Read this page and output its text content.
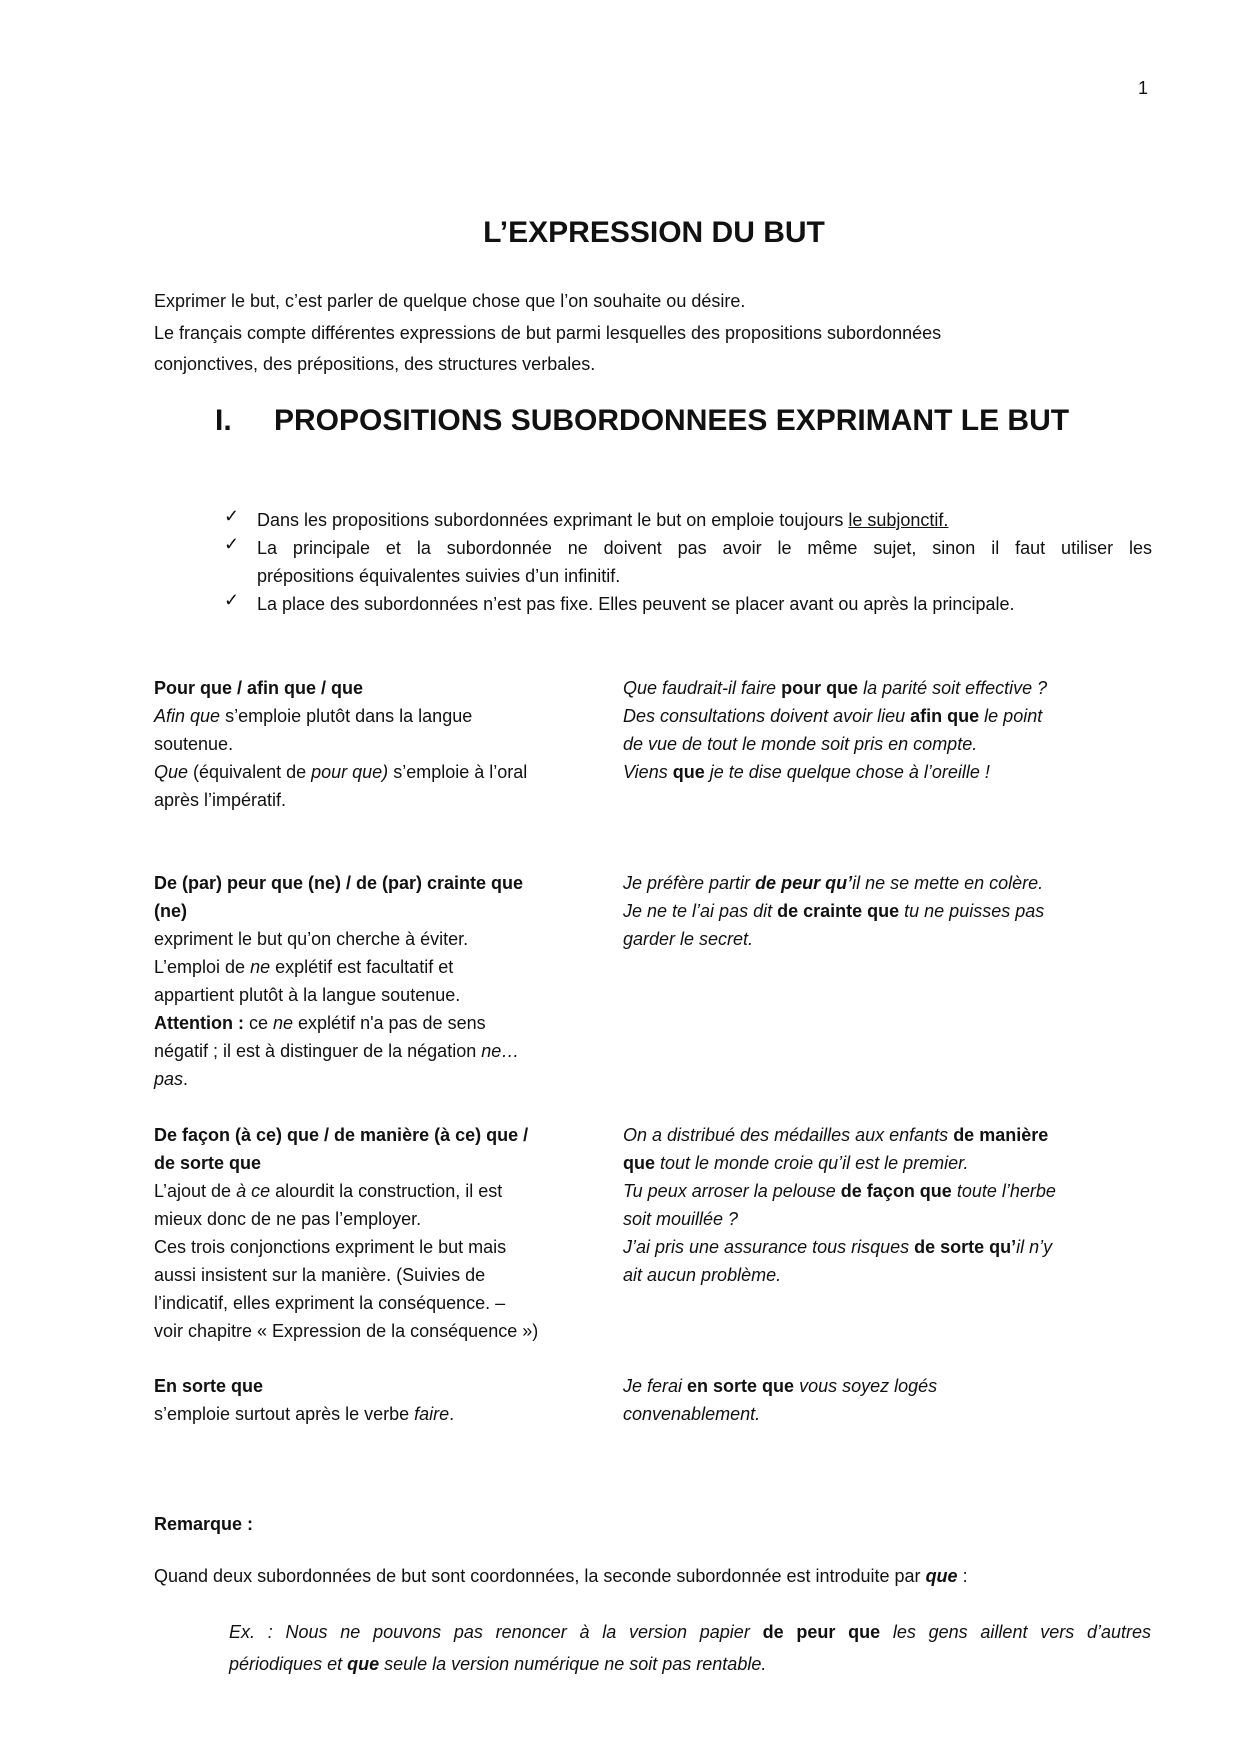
1
L’EXPRESSION DU BUT
Exprimer le but, c’est parler de quelque chose que l’on souhaite ou désire.
Le français compte différentes expressions de but parmi lesquelles des propositions subordonnées
conjonctives, des prépositions, des structures verbales.
I. PROPOSITIONS SUBORDONNEES EXPRIMANT LE BUT
✓ Dans les propositions subordonnées exprimant le but on emploie toujours le subjonctif.
✓ La principale et la subordonnée ne doivent pas avoir le même sujet, sinon il faut utiliser les
prépositions équivalentes suivies d’un infinitif.
✓ La place des subordonnées n’est pas fixe. Elles peuvent se placer avant ou après la principale.
Pour que / afin que / que
Afin que s’emploie plutôt dans la langue
soutenue.
Que (équivalent de pour que) s’emploie à l’oral
après l’impératif.
Que faudrait-il faire pour que la parité soit effective ?
Des consultations doivent avoir lieu afin que le point
de vue de tout le monde soit pris en compte.
Viens que je te dise quelque chose à l’oreille !
De (par) peur que (ne) / de (par) crainte que
(ne)
expriment le but qu’on cherche à éviter.
L’emploi de ne explétif est facultatif et
appartient plutôt à la langue soutenue.
Attention : ce ne explétif n'a pas de sens
négatif ; il est à distinguer de la négation ne…
pas.
Je préfère partir de peur qu’il ne se mette en colère.
Je ne te l’ai pas dit de crainte que tu ne puisses pas
garder le secret.
De façon (à ce) que / de manière (à ce) que /
de sorte que
L’ajout de à ce alourdit la construction, il est
mieux donc de ne pas l’employer.
Ces trois conjonctions expriment le but mais
aussi insistent sur la manière. (Suivies de
l’indicatif, elles expriment la conséquence. –
voir chapitre « Expression de la conséquence »)
On a distribué des médailles aux enfants de manière
que tout le monde croie qu’il est le premier.
Tu peux arroser la pelouse de façon que toute l’herbe
soit mouillée ?
J’ai pris une assurance tous risques de sorte qu’il n’y
ait aucun problème.
En sorte que
s’emploie surtout après le verbe faire.
Je ferai en sorte que vous soyez logés
convenablement.
Remarque :
Quand deux subordonnées de but sont coordonnées, la seconde subordonnée est introduite par que :
Ex. : Nous ne pouvons pas renoncer à la version papier de peur que les gens aillent vers d’autres
périodiques et que seule la version numérique ne soit pas rentable.
